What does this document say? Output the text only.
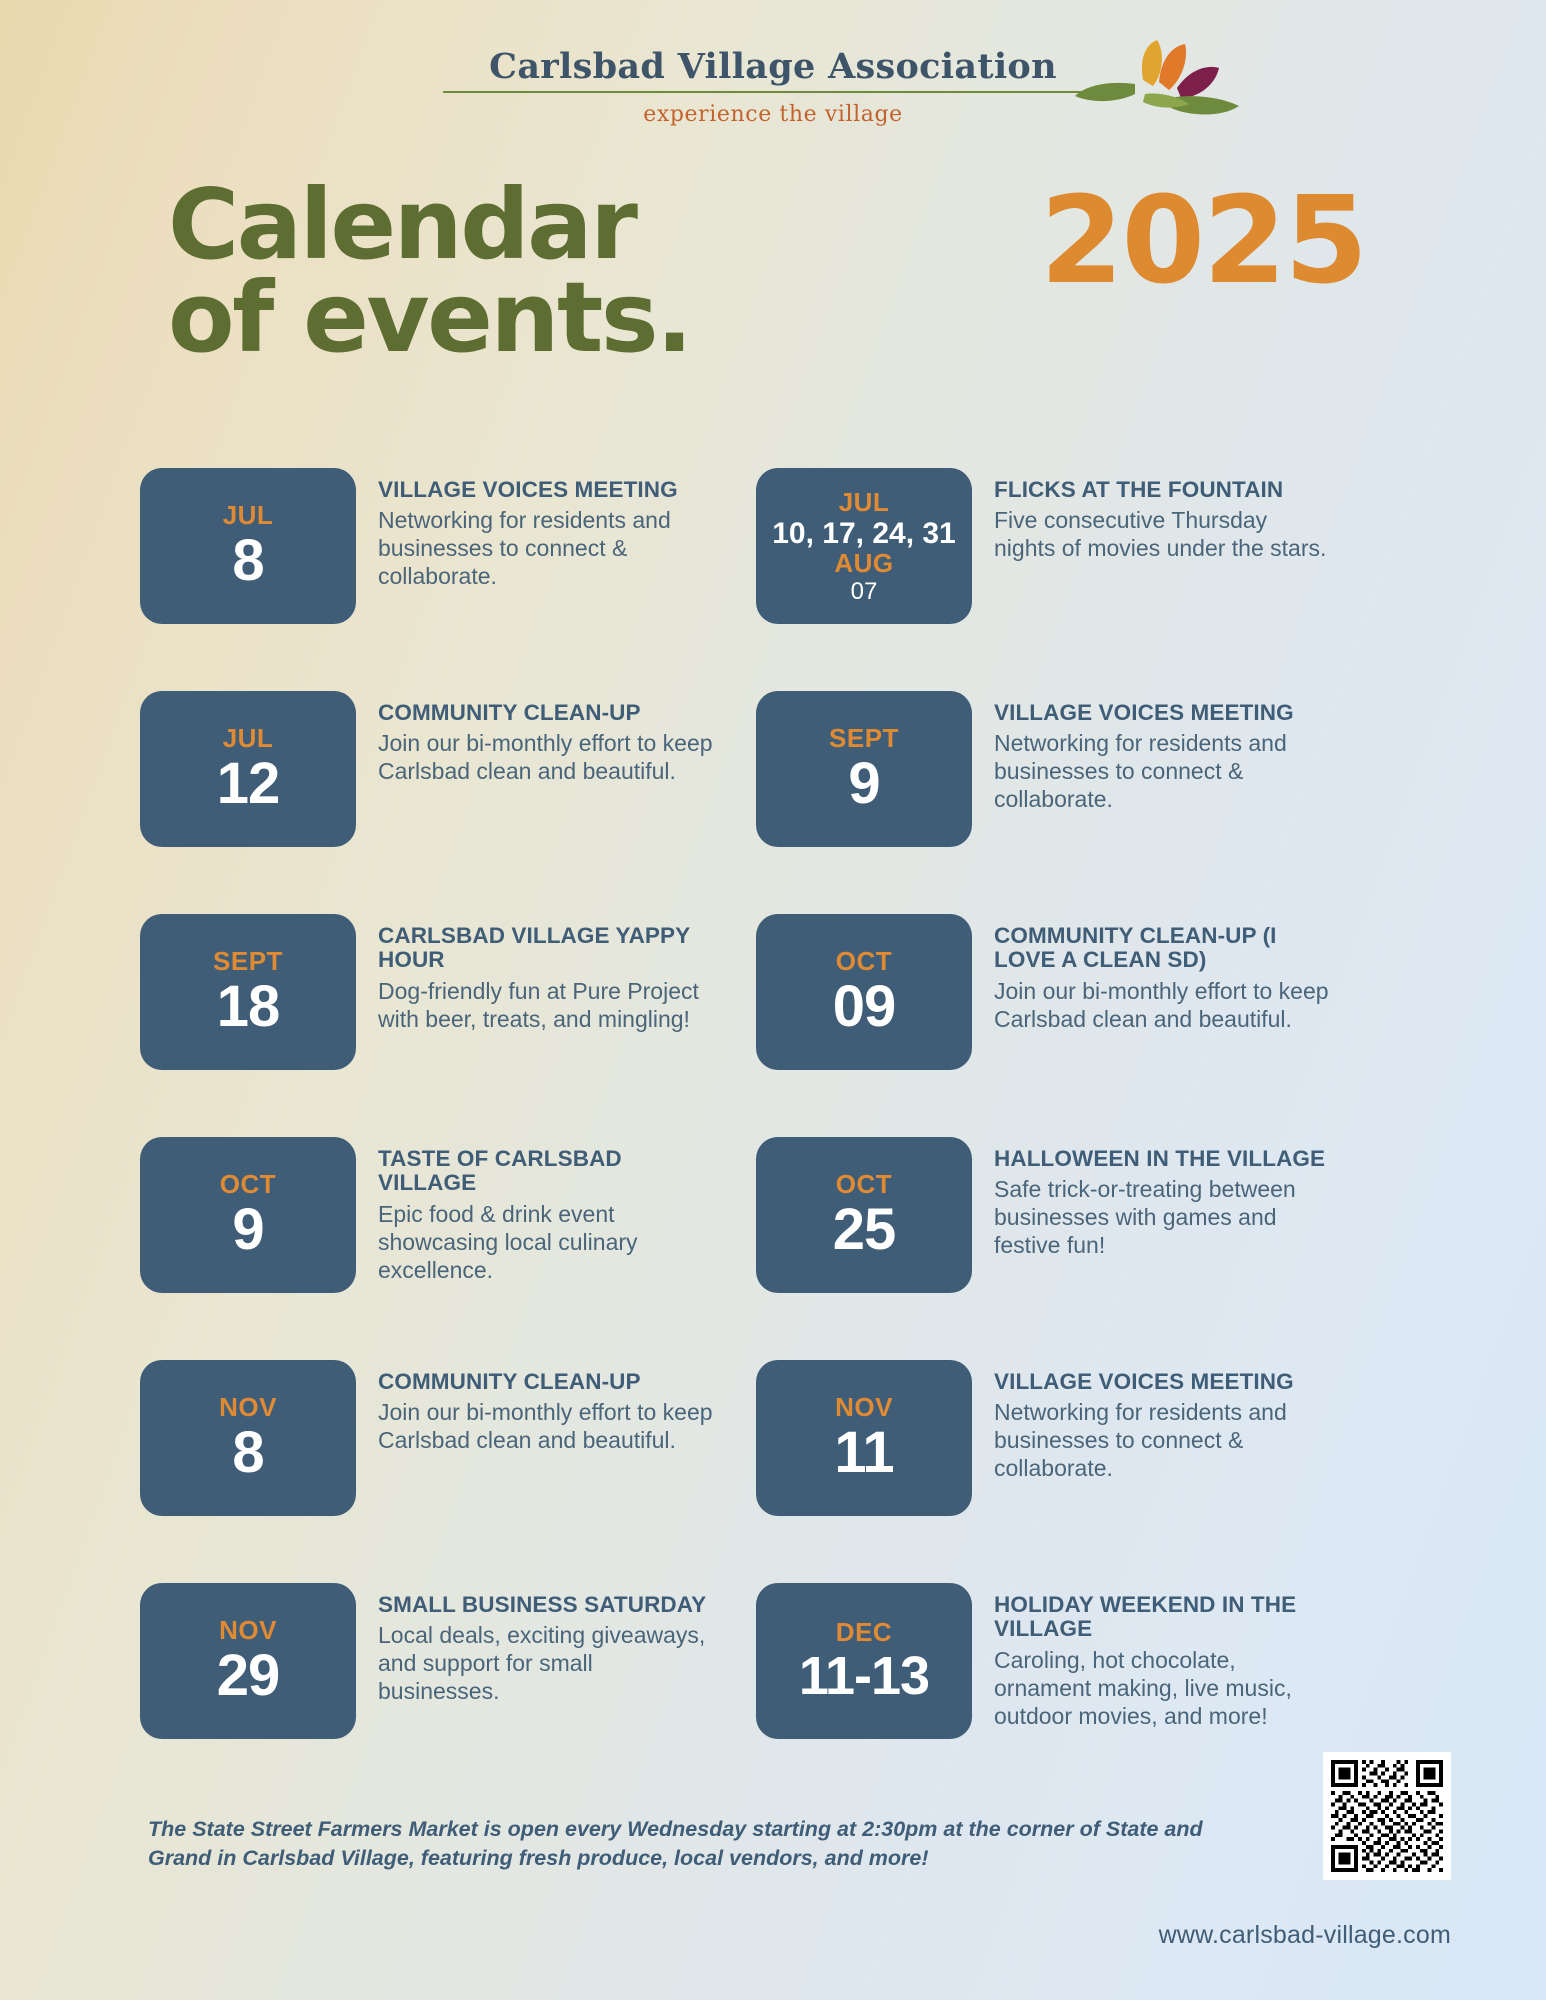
Carlsbad Village Association
experience the village
Calendar
of events.
2025
JUL
8
VILLAGE VOICES MEETING
Networking for residents and businesses to connect & collaborate.
JUL
10, 17, 24, 31
AUG
07
FLICKS AT THE FOUNTAIN
Five consecutive Thursday nights of movies under the stars.
JUL
12
COMMUNITY CLEAN-UP
Join our bi-monthly effort to keep Carlsbad clean and beautiful.
SEPT
9
VILLAGE VOICES MEETING
Networking for residents and businesses to connect & collaborate.
SEPT
18
CARLSBAD VILLAGE YAPPY HOUR
Dog-friendly fun at Pure Project with beer, treats, and mingling!
OCT
09
COMMUNITY CLEAN-UP (I LOVE A CLEAN SD)
Join our bi-monthly effort to keep Carlsbad clean and beautiful.
OCT
9
TASTE OF CARLSBAD VILLAGE
Epic food & drink event showcasing local culinary excellence.
OCT
25
HALLOWEEN IN THE VILLAGE
Safe trick-or-treating between businesses with games and festive fun!
NOV
8
COMMUNITY CLEAN-UP
Join our bi-monthly effort to keep Carlsbad clean and beautiful.
NOV
11
VILLAGE VOICES MEETING
Networking for residents and businesses to connect & collaborate.
NOV
29
SMALL BUSINESS SATURDAY
Local deals, exciting giveaways, and support for small businesses.
DEC
11-13
HOLIDAY WEEKEND IN THE VILLAGE
Caroling, hot chocolate, ornament making, live music, outdoor movies, and more!
The State Street Farmers Market is open every Wednesday starting at 2:30pm at the corner of State and Grand in Carlsbad Village, featuring fresh produce, local vendors, and more!
www.carlsbad-village.com
